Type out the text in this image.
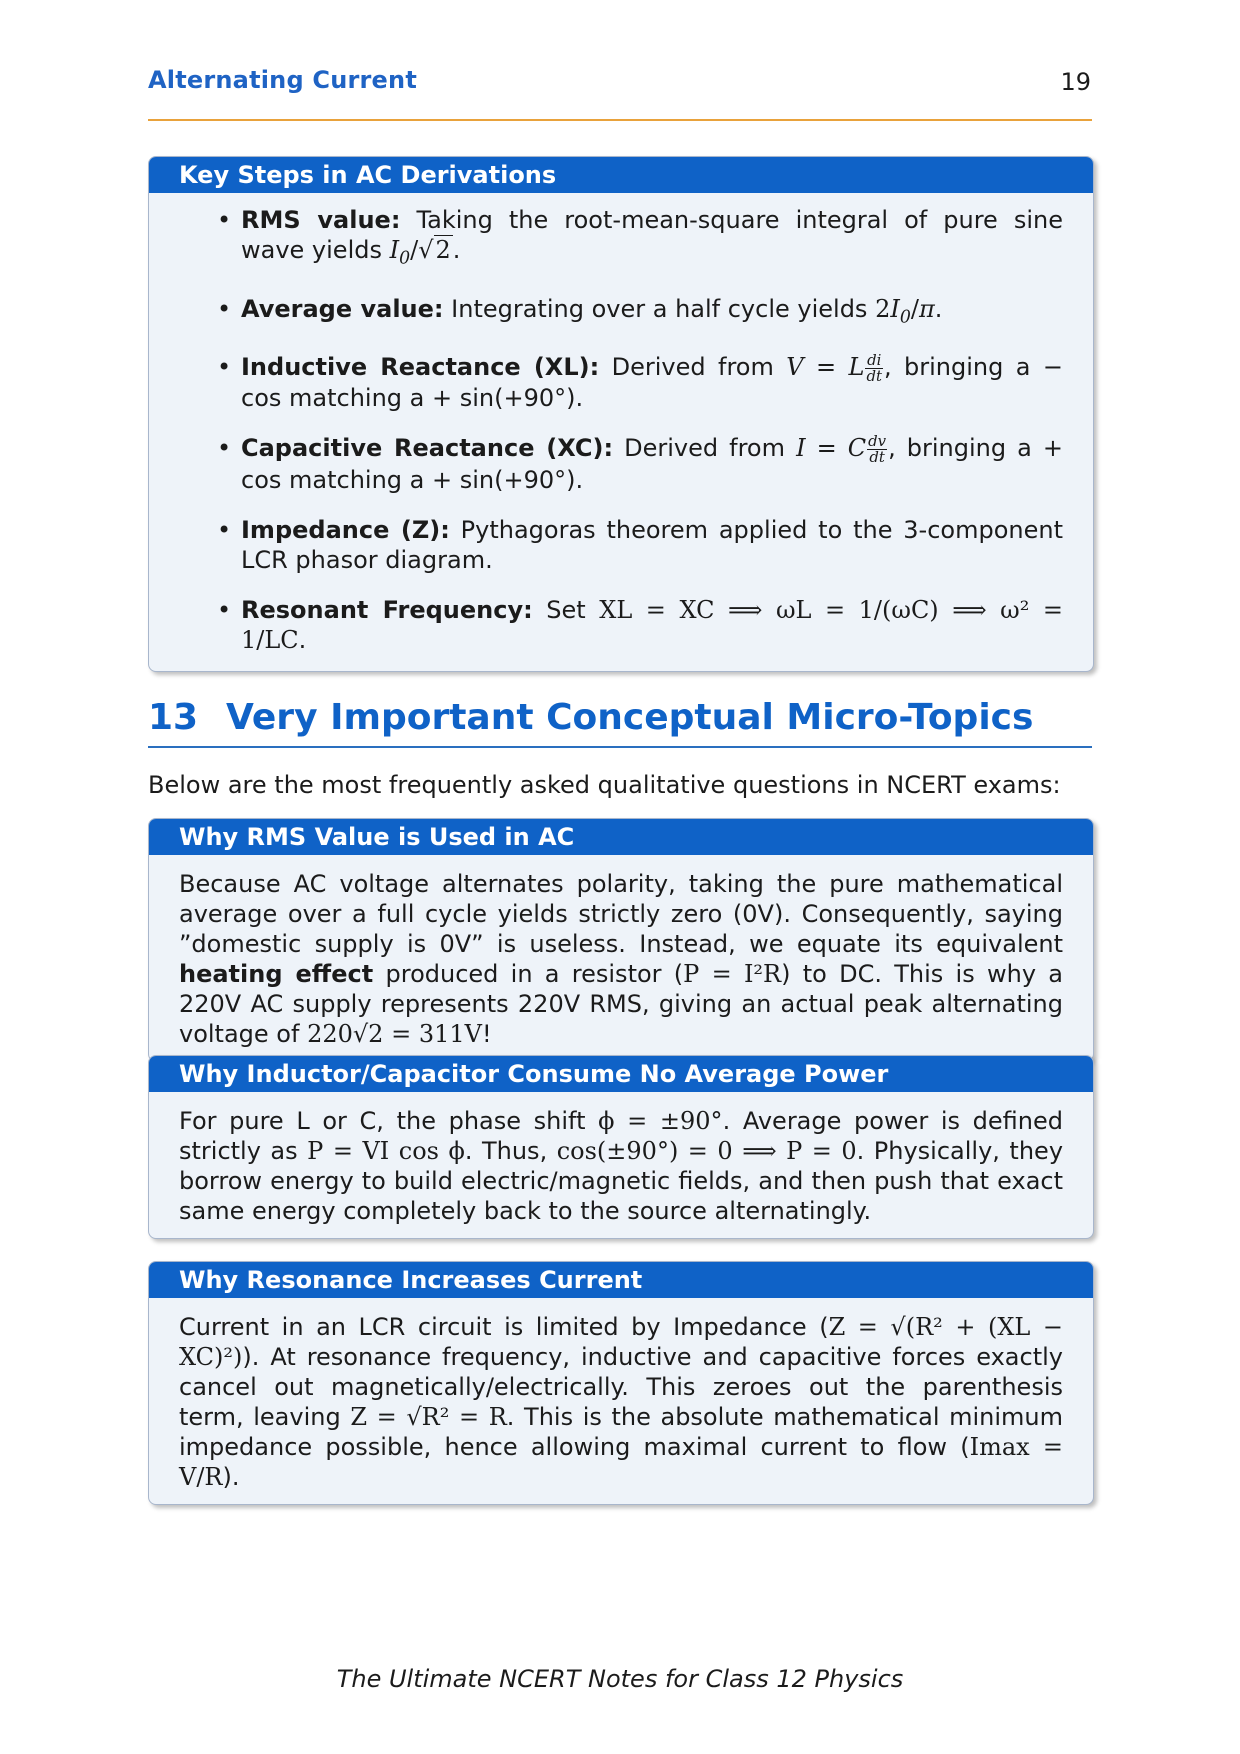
Alternating Current	19
Key Steps in AC Derivations
• RMS value: Taking the root-mean-square integral of pure sine wave yields $I_0/√2$.
• Average value: Integrating over a half cycle yields $2I_0/\pi$.
• Inductive Reactance (XL): Derived from V = L $\frac{di}{dt}$ , bringing a − cos matching a + sin(+90°).
• Capacitive Reactance (XC): Derived from I = C $\frac{dv}{dt}$ , bringing a + cos matching a + sin(+90°).
• Impedance (Z): Pythagoras theorem applied to the 3-component LCR phasor diagram.
• Resonant Frequency: Set XL = XC ⟹ ωL = 1/(ωC) ⟹ ω² = 1/LC.
13 Very Important Conceptual Micro-Topics
Below are the most frequently asked qualitative questions in NCERT exams:
Why RMS Value is Used in AC
Because AC voltage alternates polarity, taking the pure mathematical average over a full cycle yields strictly zero (0V). Consequently, saying ”domestic supply is 0V” is useless. Instead, we equate its equivalent heating effect produced in a resistor (P = I²R) to DC. This is why a 220V AC supply represents 220V RMS, giving an actual peak alternating voltage of 220√2 = 311V!
Why Inductor/Capacitor Consume No Average Power
For pure L or C, the phase shift ϕ = ±90°. Average power is defined strictly as P = VI cos ϕ. Thus, cos(±90°) = 0 ⟹ P = 0. Physically, they borrow energy to build electric/magnetic fields, and then push that exact same energy completely back to the source alternatingly.
Why Resonance Increases Current
Current in an LCR circuit is limited by Impedance (Z = √(R² + (XL − XC)²)). At resonance frequency, inductive and capacitive forces exactly cancel out magnetically/electrically. This zeroes out the parenthesis term, leaving Z = √R² = R. This is the absolute mathematical minimum impedance possible, hence allowing maximal current to flow (Imax = V/R).
The Ultimate NCERT Notes for Class 12 Physics
